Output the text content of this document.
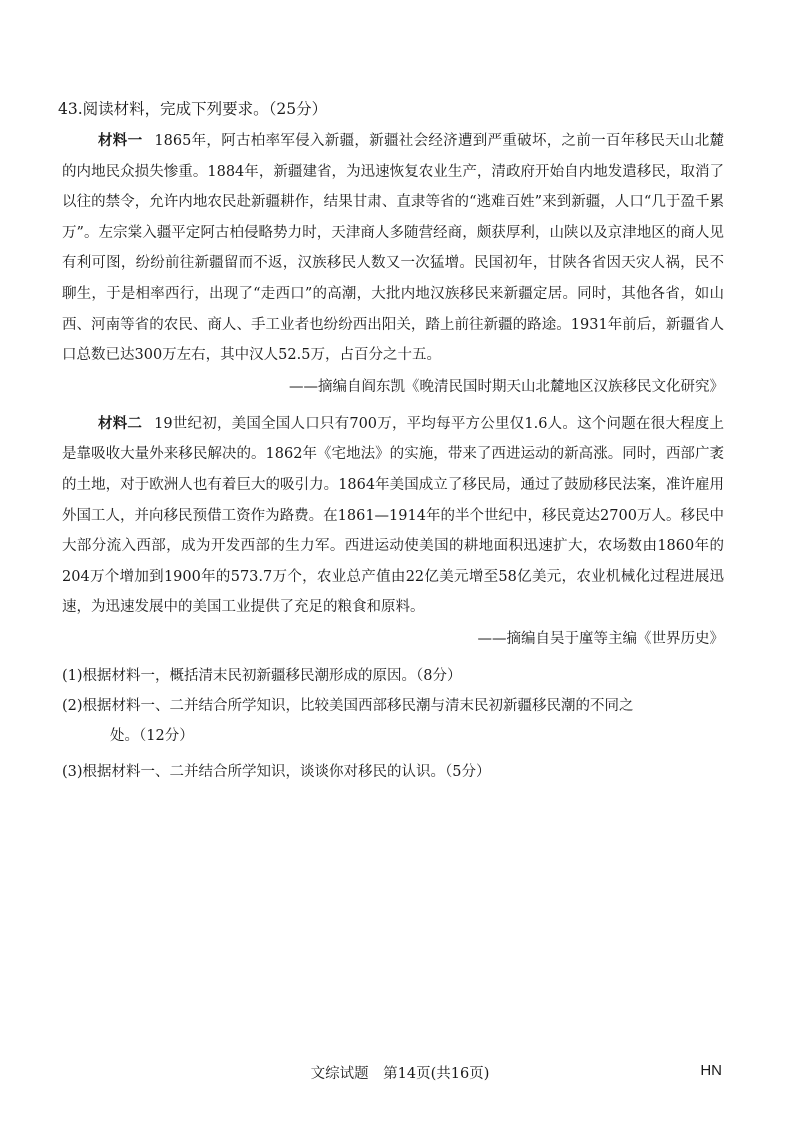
43.阅读材料，完成下列要求。（25分）

材料一 1865年，阿古柏率军侵入新疆，新疆社会经济遭到严重破坏，之前一百年移民天山北麓的内地民众损失惨重。1884年，新疆建省，为迅速恢复农业生产，清政府开始自内地发遣移民，取消了以往的禁令，允许内地农民赴新疆耕作，结果甘肃、直隶等省的“逃难百姓”来到新疆，人口“几于盈千累万”。左宗棠入疆平定阿古柏侵略势力时，天津商人多随营经商，颇获厚利，山陕以及京津地区的商人见有利可图，纷纷前往新疆留而不返，汉族移民人数又一次猛增。民国初年，甘陕各省因天灾人祸，民不聊生，于是相率西行，出现了“走西口”的高潮，大批内地汉族移民来新疆定居。同时，其他各省，如山西、河南等省的农民、商人、手工业者也纷纷西出阳关，踏上前往新疆的路途。1931年前后，新疆省人口总数已达300万左右，其中汉人52.5万，占百分之十五。

——摘编自阎东凯《晚清民国时期天山北麓地区汉族移民文化研究》

材料二 19世纪初，美国全国人口只有700万，平均每平方公里仅1.6人。这个问题在很大程度上是靠吸收大量外来移民解决的。1862年《宅地法》的实施，带来了西进运动的新高涨。同时，西部广袤的土地，对于欧洲人也有着巨大的吸引力。1864年美国成立了移民局，通过了鼓励移民法案，准许雇用外国工人，并向移民预借工资作为路费。在1861—1914年的半个世纪中，移民竟达2700万人。移民中大部分流入西部，成为开发西部的生力军。西进运动使美国的耕地面积迅速扩大，农场数由1860年的204万个增加到1900年的573.7万个，农业总产值由22亿美元增至58亿美元，农业机械化过程进展迅速，为迅速发展中的美国工业提供了充足的粮食和原料。

——摘编自吴于廑等主编《世界历史》

(1)根据材料一，概括清末民初新疆移民潮形成的原因。（8分）

(2)根据材料一、二并结合所学知识，比较美国西部移民潮与清末民初新疆移民潮的不同之

处。（12分）

(3)根据材料一、二并结合所学知识，谈谈你对移民的认识。（5分）

文综试题　第14页(共16页)	HN
